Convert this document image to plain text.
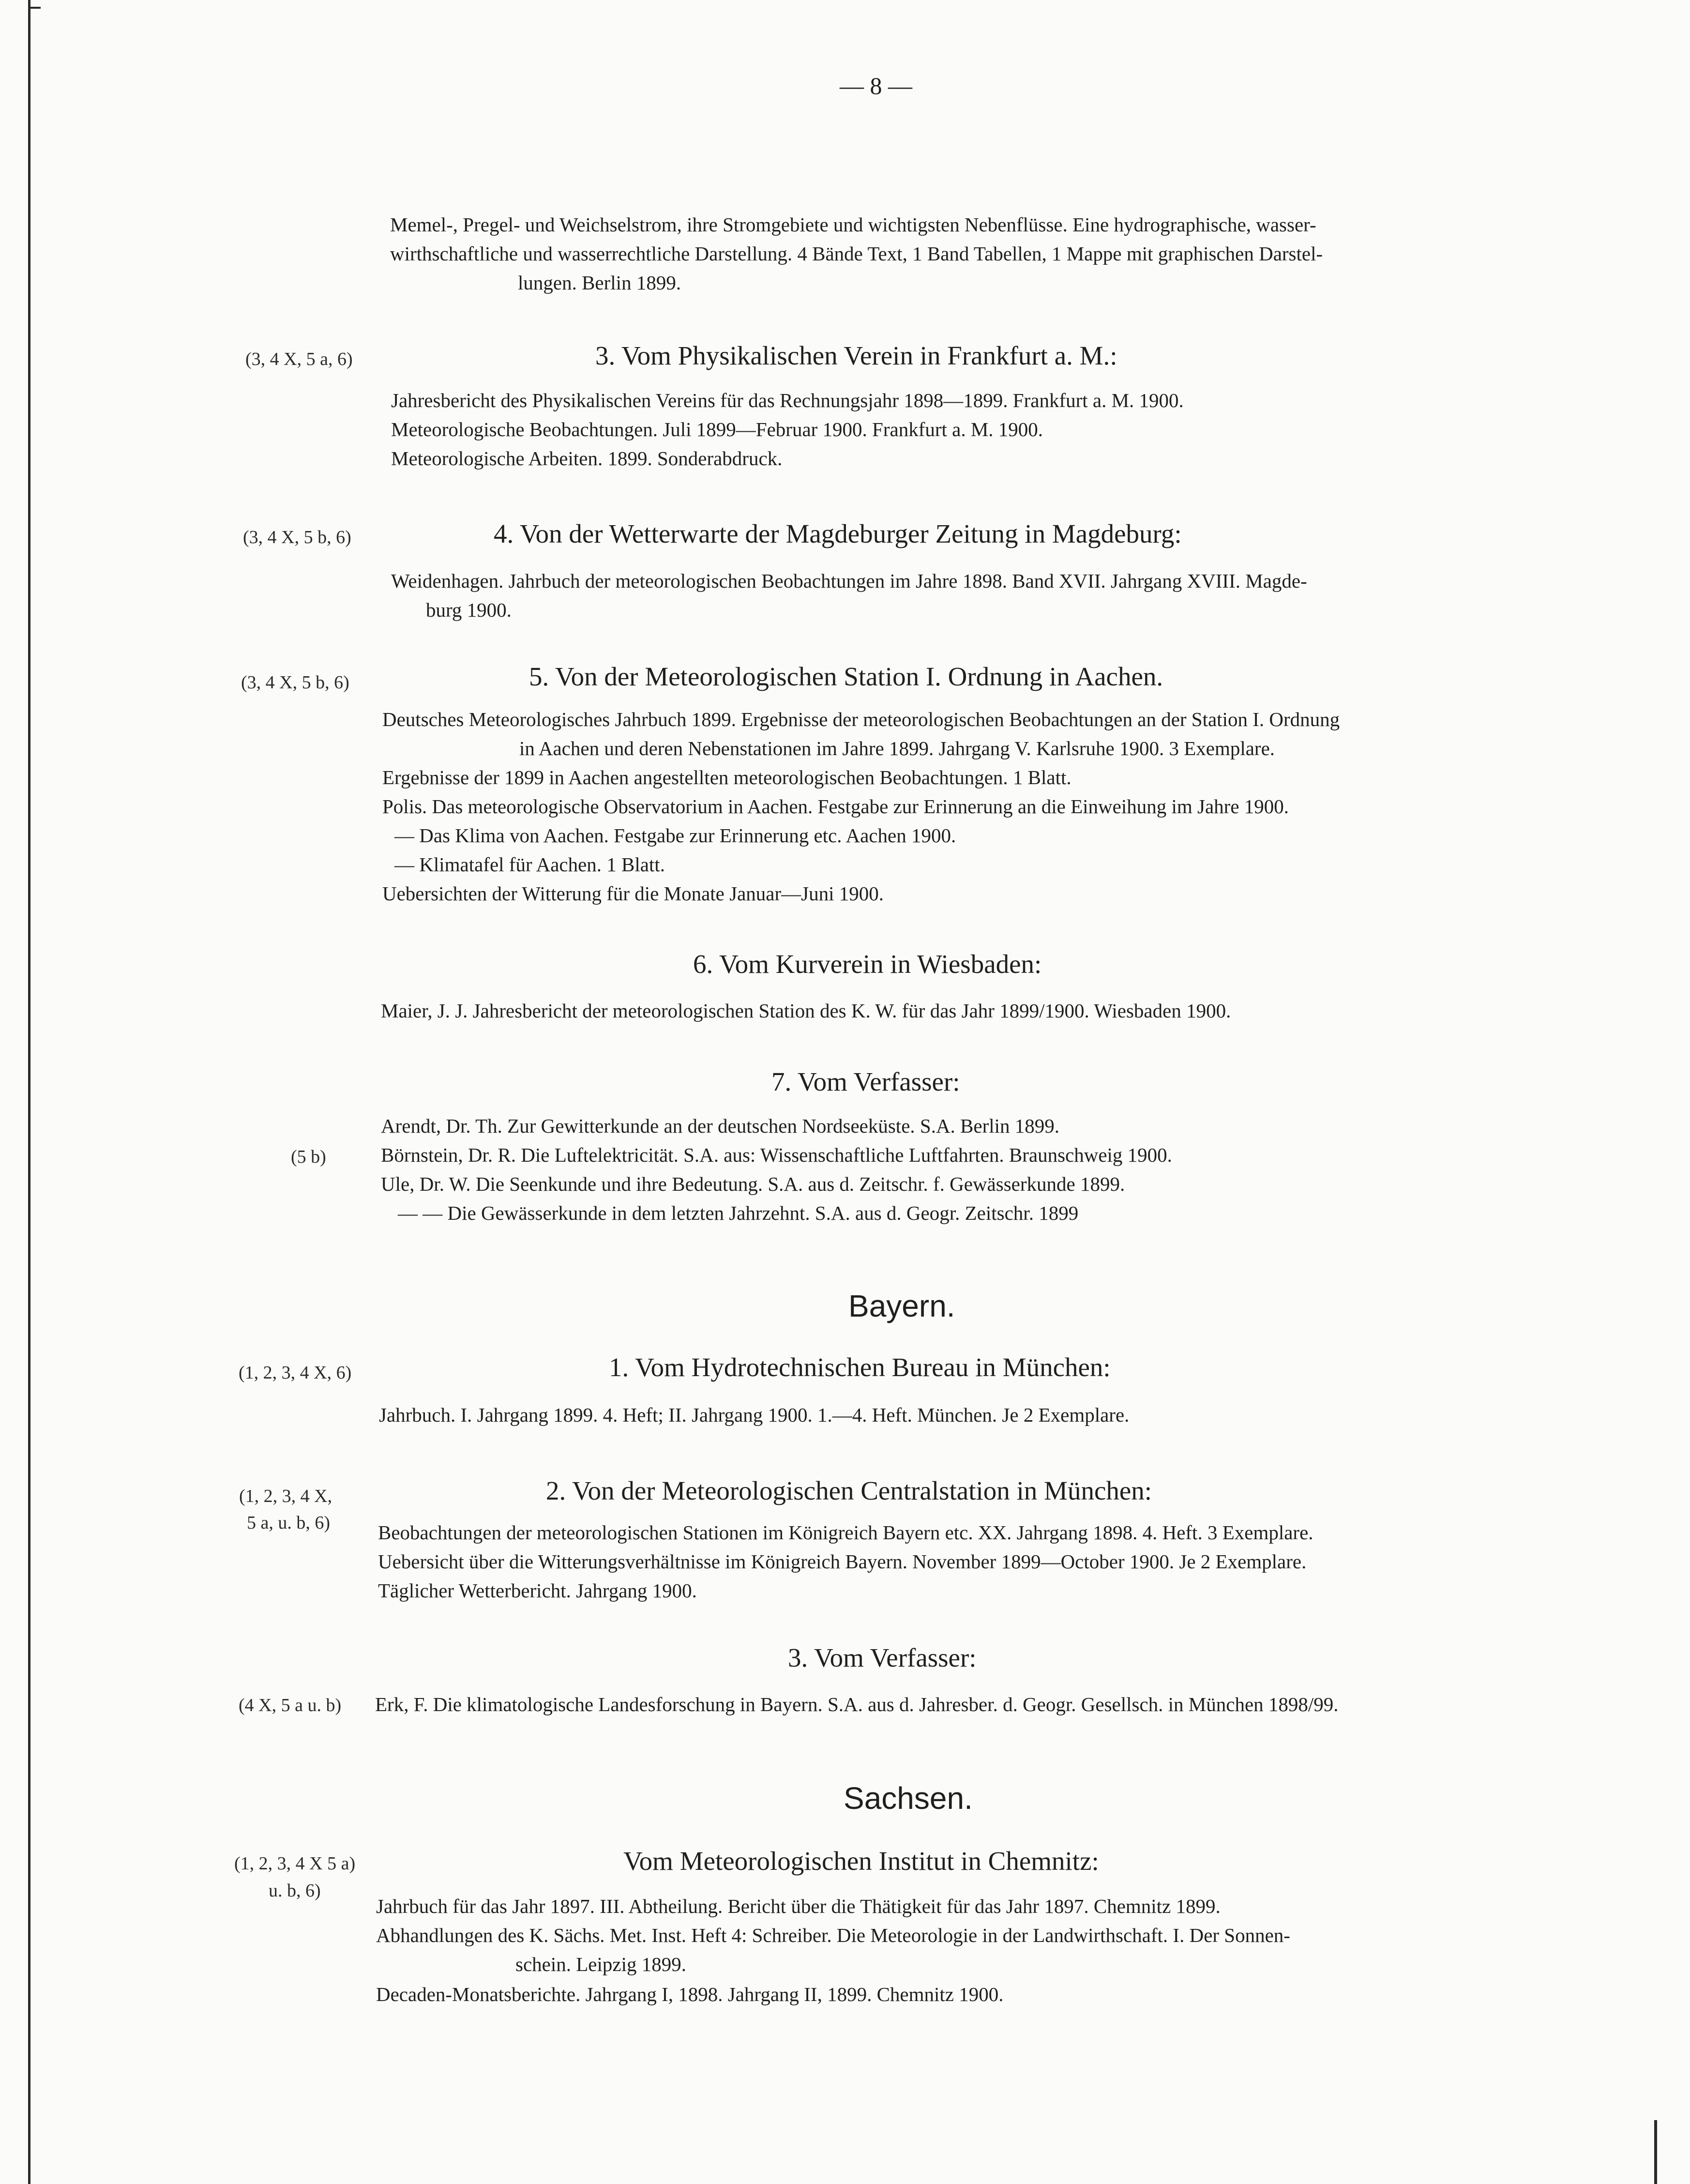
— 8 —
Memel-, Pregel- und Weichselstrom, ihre Stromgebiete und wichtigsten Nebenflüsse. Eine hydrographische, wasser-
wirthschaftliche und wasserrechtliche Darstellung. 4 Bände Text, 1 Band Tabellen, 1 Mappe mit graphischen Darstel-
lungen. Berlin 1899.
(3, 4 X, 5 a, 6)	3. Vom Physikalischen Verein in Frankfurt a. M.:
Jahresbericht des Physikalischen Vereins für das Rechnungsjahr 1898—1899. Frankfurt a. M. 1900.
Meteorologische Beobachtungen. Juli 1899—Februar 1900. Frankfurt a. M. 1900.
Meteorologische Arbeiten. 1899. Sonderabdruck.
(3, 4 X, 5 b, 6)	4. Von der Wetterwarte der Magdeburger Zeitung in Magdeburg:
Weidenhagen. Jahrbuch der meteorologischen Beobachtungen im Jahre 1898. Band XVII. Jahrgang XVIII. Magde-
burg 1900.
(3, 4 X, 5 b, 6)	5. Von der Meteorologischen Station I. Ordnung in Aachen.
Deutsches Meteorologisches Jahrbuch 1899. Ergebnisse der meteorologischen Beobachtungen an der Station I. Ordnung
in Aachen und deren Nebenstationen im Jahre 1899. Jahrgang V. Karlsruhe 1900. 3 Exemplare.
Ergebnisse der 1899 in Aachen angestellten meteorologischen Beobachtungen. 1 Blatt.
Polis. Das meteorologische Observatorium in Aachen. Festgabe zur Erinnerung an die Einweihung im Jahre 1900.
— Das Klima von Aachen. Festgabe zur Erinnerung etc. Aachen 1900.
— Klimatafel für Aachen. 1 Blatt.
Uebersichten der Witterung für die Monate Januar—Juni 1900.
6. Vom Kurverein in Wiesbaden:
Maier, J. J. Jahresbericht der meteorologischen Station des K. W. für das Jahr 1899/1900. Wiesbaden 1900.
7. Vom Verfasser:
Arendt, Dr. Th. Zur Gewitterkunde an der deutschen Nordseeküste. S.A. Berlin 1899.
(5 b)	Börnstein, Dr. R. Die Luftelektricität. S.A. aus: Wissenschaftliche Luftfahrten. Braunschweig 1900.
Ule, Dr. W. Die Seenkunde und ihre Bedeutung. S.A. aus d. Zeitschr. f. Gewässerkunde 1899.
— — Die Gewässerkunde in dem letzten Jahrzehnt. S.A. aus d. Geogr. Zeitschr. 1899
Bayern.
(1, 2, 3, 4 X, 6)	1. Vom Hydrotechnischen Bureau in München:
Jahrbuch. I. Jahrgang 1899. 4. Heft; II. Jahrgang 1900. 1.—4. Heft. München. Je 2 Exemplare.
(1, 2, 3, 4 X,
5 a, u. b, 6)
2. Von der Meteorologischen Centralstation in München:
Beobachtungen der meteorologischen Stationen im Königreich Bayern etc. XX. Jahrgang 1898. 4. Heft. 3 Exemplare.
Uebersicht über die Witterungsverhältnisse im Königreich Bayern. November 1899—October 1900. Je 2 Exemplare.
Täglicher Wetterbericht. Jahrgang 1900.
3. Vom Verfasser:
(4 X, 5 a u. b) Erk, F. Die klimatologische Landesforschung in Bayern. S.A. aus d. Jahresber. d. Geogr. Gesellsch. in München 1898/99.
Sachsen.
(1, 2, 3, 4 X 5 a)
u. b, 6)
Vom Meteorologischen Institut in Chemnitz:
Jahrbuch für das Jahr 1897. III. Abtheilung. Bericht über die Thätigkeit für das Jahr 1897. Chemnitz 1899.
Abhandlungen des K. Sächs. Met. Inst. Heft 4: Schreiber. Die Meteorologie in der Landwirthschaft. I. Der Sonnen-
schein. Leipzig 1899.
Decaden-Monatsberichte. Jahrgang I, 1898. Jahrgang II, 1899. Chemnitz 1900.
